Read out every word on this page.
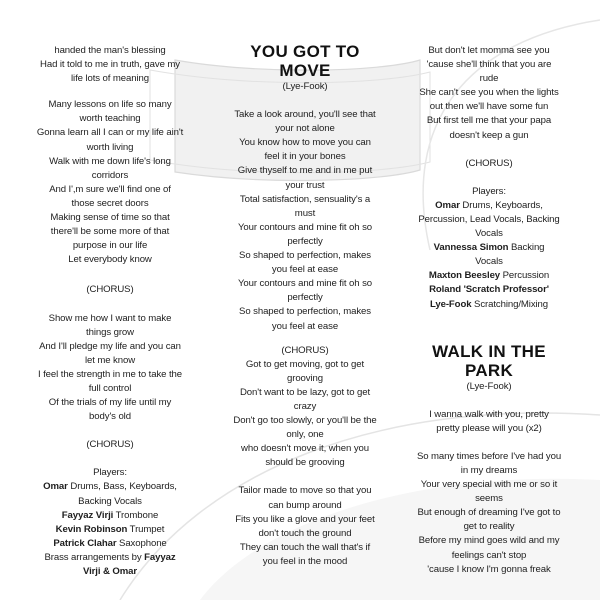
handed the man's blessing
Had it told to me in truth, gave my
life lots of meaning
Many lessons on life so many
worth teaching
Gonna learn all I can or my life ain't
worth living
Walk with me down life's long
corridors
And I',m sure we'll find one of
those secret doors
Making sense of time so that
there'll be some more of that
purpose in our life
Let everybody know
(CHORUS)
Show me how I want to make
things grow
And I'll pledge my life and you can
let me know
I feel the strength in me to take the
full control
Of the trials of my life until my
body's old
(CHORUS)
Players:
Omar Drums, Bass, Keyboards,
Backing Vocals
Fayyaz Virji Trombone
Kevin Robinson Trumpet
Patrick Clahar Saxophone
Brass arrangements by Fayyaz
Virji & Omar
YOU GOT TO
MOVE
(Lye-Fook)
Take a look around, you'll see that
your not alone
You know how to move you can
feel it in your bones
Give thyself to me and in me put
your trust
Total satisfaction, sensuality's a
must
Your contours and mine fit oh so
perfectly
So shaped to perfection, makes
you feel at ease
Your contours and mine fit oh so
perfectly
So shaped to perfection, makes
you feel at ease
(CHORUS)
Got to get moving, got to get
grooving
Don't want to be lazy, got to get
crazy
Don't go too slowly, or you'll be the
only, one
who doesn't move it, when you
should be grooving
Tailor made to move so that you
can bump around
Fits you like a glove and your feet
don't touch the ground
They can touch the wall that's if
you feel in the mood
But don't let momma see you
'cause she'll think that you are
rude
She can't see you when the lights
out then we'll have some fun
But first tell me that your papa
doesn't keep a gun
(CHORUS)
Players:
Omar Drums, Keyboards,
Percussion, Lead Vocals, Backing
Vocals
Vannessa Simon Backing
Vocals
Maxton Beesley Percussion
Roland 'Scratch Professor'
Lye-Fook Scratching/Mixing
WALK IN THE
PARK
(Lye-Fook)
I wanna walk with you, pretty
pretty please will you (x2)
So many times before I've had you
in my dreams
Your very special with me or so it
seems
But enough of dreaming I've got to
get to reality
Before my mind goes wild and my
feelings can't stop
'cause I know I'm gonna freak
